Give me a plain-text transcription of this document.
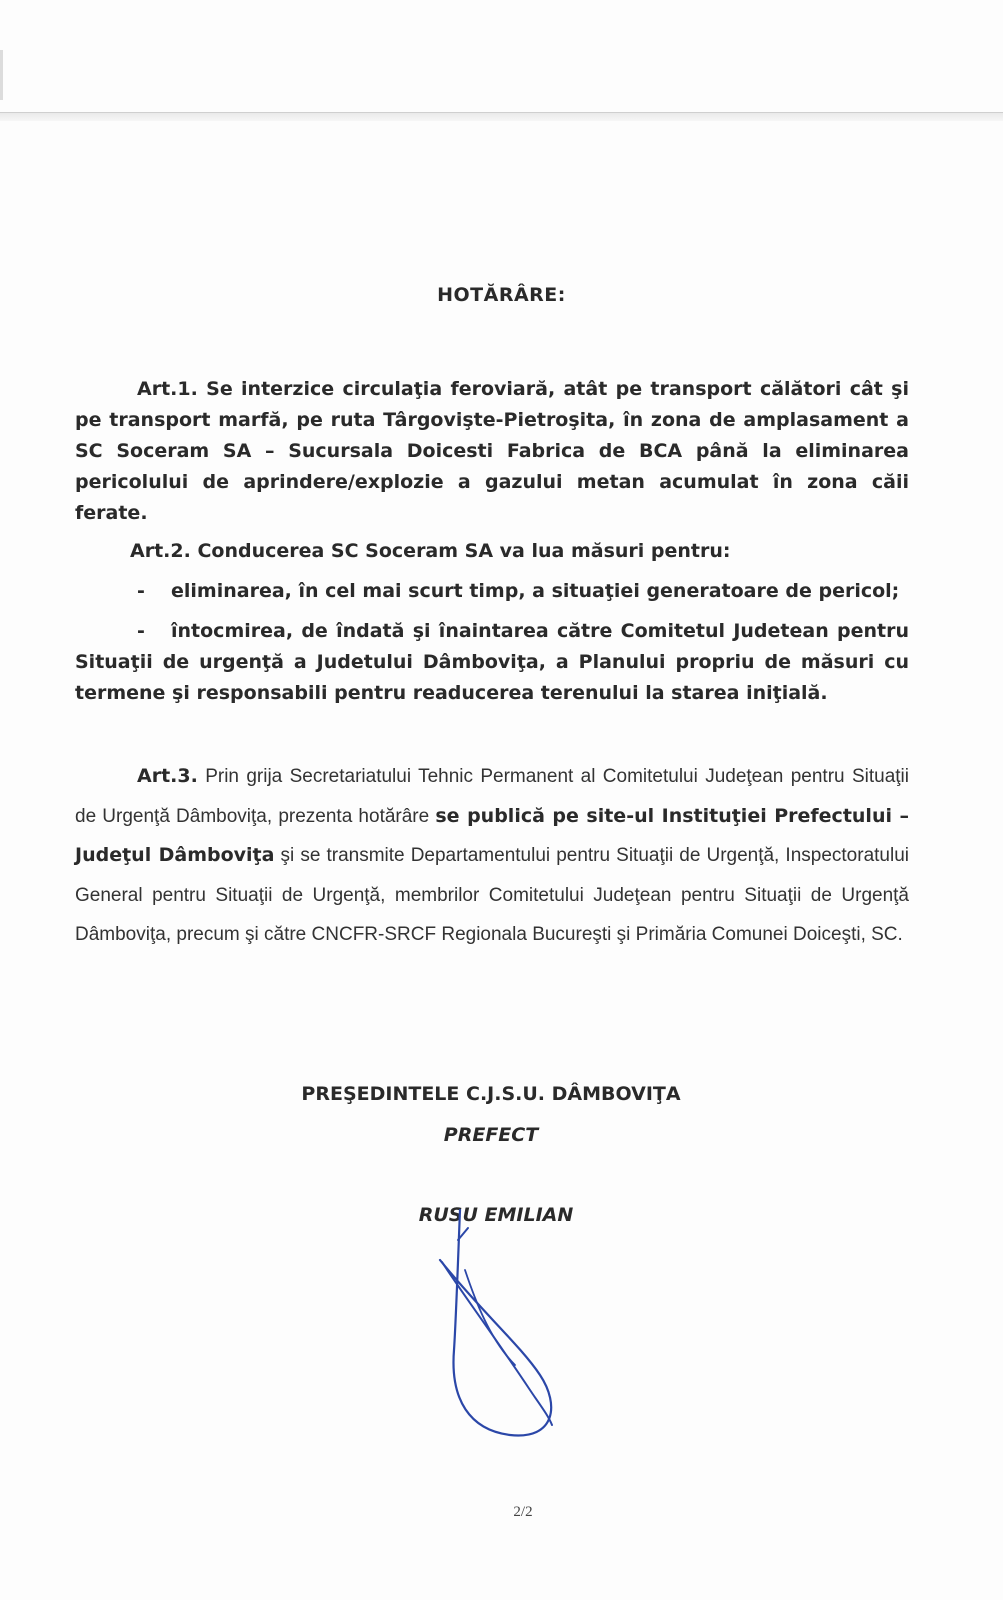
HOTĂRÂRE:

Art.1. Se interzice circulaţia feroviară, atât pe transport călători cât şi pe transport marfă, pe ruta Târgovişte-Pietroşita, în zona de amplasament a SC Soceram SA – Sucursala Doicesti Fabrica de BCA până la eliminarea pericolului de aprindere/explozie a gazului metan acumulat în zona căii ferate.

Art.2. Conducerea SC Soceram SA va lua măsuri pentru:

- eliminarea, în cel mai scurt timp, a situaţiei generatoare de pericol;

- întocmirea, de îndată şi înaintarea către Comitetul Judetean pentru Situaţii de urgenţă a Judetului Dâmboviţa, a Planului propriu de măsuri cu termene şi responsabili pentru readucerea terenului la starea iniţială.

Art.3. Prin grija Secretariatului Tehnic Permanent al Comitetului Judeţean pentru Situaţii de Urgenţă Dâmboviţa, prezenta hotărâre se publică pe site-ul Instituţiei Prefectului – Judeţul Dâmboviţa şi se transmite Departamentului pentru Situaţii de Urgenţă, Inspectoratului General pentru Situaţii de Urgenţă, membrilor Comitetului Judeţean pentru Situaţii de Urgenţă Dâmboviţa, precum şi către CNCFR-SRCF Regionala Bucureşti şi Primăria Comunei Doiceşti, SC.

PREŞEDINTELE C.J.S.U. DÂMBOVIŢA
PREFECT
RUSU EMILIAN
2/2
